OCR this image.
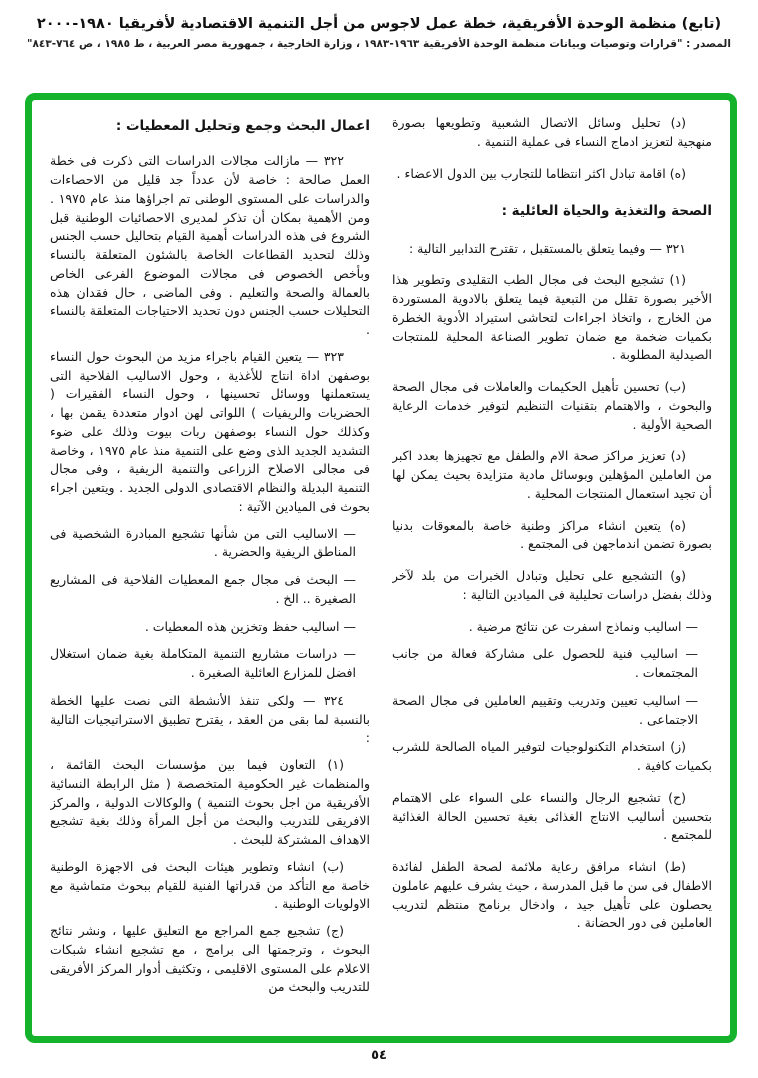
(تابع) منظمة الوحدة الأفريقية، خطة عمل لاجوس من أجل التنمية الاقتصادية لأفريقيا ١٩٨٠-٢٠٠٠
المصدر : "قرارات وتوصيات وبيانات منظمة الوحدة الأفريقية ١٩٦٣-١٩٨٣ ، وزارة الخارجية ، جمهورية مصر العربية ، ط ١٩٨٥ ، ص ٧٦٤-٨٤٣"
(د) تحليل وسائل الاتصال الشعبية وتطويعها بصورة منهجية لتعزيز ادماج النساء فى عملية التنمية .
(ه) اقامة تبادل اكثر انتظاما للتجارب بين الدول الاعضاء .
الصحة والتغذية والحياة العائلية :
٣٢١ — وفيما يتعلق بالمستقبل ، تقترح التدابير التالية :
(١) تشجيع البحث فى مجال الطب التقليدى وتطوير هذا الأخير بصورة تقلل من التبعية فيما يتعلق بالادوية المستوردة من الخارج ، واتخاذ اجراءات لتحاشى استيراد الأدوية الخطرة بكميات ضخمة مع ضمان تطوير الصناعة المحلية للمنتجات الصيدلية المطلوبة .
(ب) تحسين تأهيل الحكيمات والعاملات فى مجال الصحة والبحوث ، والاهتمام بتقنيات التنظيم لتوفير خدمات الرعاية الصحية الأولية .
(د) تعزيز مراكز صحة الام والطفل مع تجهيزها بعدد اكبر من العاملين المؤهلين وبوسائل مادية متزايدة بحيث يمكن لها أن تجيد استعمال المنتجات المحلية .
(ه) يتعين انشاء مراكز وطنية خاصة بالمعوقات بدنيا بصورة تضمن اندماجهن فى المجتمع .
(و) التشجيع على تحليل وتبادل الخبرات من بلد لآخر وذلك بفضل دراسات تحليلية فى الميادين التالية :
— اساليب ونماذج اسفرت عن نتائج مرضية .
— اساليب فنية للحصول على مشاركة فعالة من جانب المجتمعات .
— اساليب تعيين وتدريب وتقييم العاملين فى مجال الصحة الاجتماعى .
(ز) استخدام التكنولوجيات لتوفير المياه الصالحة للشرب بكميات كافية .
(ح) تشجيع الرجال والنساء على السواء على الاهتمام بتحسين أساليب الانتاج الغذائى بغية تحسين الحالة الغذائية للمجتمع .
(ط) انشاء مرافق رعاية ملائمة لصحة الطفل لفائدة الاطفال فى سن ما قبل المدرسة ، حيث يشرف عليهم عاملون يحصلون على تأهيل جيد ، وادخال برنامج منتظم لتدريب العاملين فى دور الحضانة .
اعمال البحث وجمع وتحليل المعطيات :
٣٢٢ — مازالت مجالات الدراسات التى ذكرت فى خطة العمل صالحة : خاصة لأن عدداً جد قليل من الاحصاءات والدراسات على المستوى الوطنى تم اجراؤها منذ عام ١٩٧٥ . ومن الأهمية بمكان أن تذكر لمديرى الاحصائيات الوطنية قبل الشروع فى هذه الدراسات أهمية القيام بتحاليل حسب الجنس وذلك لتحديد القطاعات الخاصة بالشئون المتعلقة بالنساء وبأخص الخصوص فى مجالات الموضوع الفرعى الخاص بالعمالة والصحة والتعليم . وفى الماضى ، حال فقدان هذه التحليلات حسب الجنس دون تحديد الاحتياجات المتعلقة بالنساء .
٣٢٣ — يتعين القيام باجراء مزيد من البحوث حول النساء بوصفهن اداة انتاج للأغذية ، وحول الاساليب الفلاحية التى يستعملنها ووسائل تحسينها ، وحول النساء الفقيرات ( الحضريات والريفيات ) اللواتى لهن ادوار متعددة يقمن بها ، وكذلك حول النساء بوصفهن ربات بيوت وذلك على ضوء التشديد الجديد الذى وضع على التنمية منذ عام ١٩٧٥ ، وخاصة فى مجالى الاصلاح الزراعى والتنمية الريفية ، وفى مجال التنمية البديلة والنظام الاقتصادى الدولى الجديد . ويتعين اجراء بحوث فى الميادين الآتية :
— الاساليب التى من شأنها تشجيع المبادرة الشخصية فى المناطق الريفية والحضرية .
— البحث فى مجال جمع المعطيات الفلاحية فى المشاريع الصغيرة .. الخ .
— اساليب حفظ وتخزين هذه المعطيات .
— دراسات مشاريع التنمية المتكاملة بغية ضمان استغلال افضل للمزارع العائلية الصغيرة .
٣٢٤ — ولكى تنفذ الأنشطة التى نصت عليها الخطة بالنسبة لما بقى من العقد ، يقترح تطبيق الاستراتيجيات التالية :
(١) التعاون فيما بين مؤسسات البحث القائمة ، والمنظمات غير الحكومية المتخصصة ( مثل الرابطة النسائية الأفريقية من اجل بحوث التنمية ) والوكالات الدولية ، والمركز الافريقى للتدريب والبحث من أجل المرأة وذلك بغية تشجيع الاهداف المشتركة للبحث .
(ب) انشاء وتطوير هيئات البحث فى الاجهزة الوطنية خاصة مع التأكد من قدراتها الفنية للقيام ببحوث متماشية مع الاولويات الوطنية .
(ج) تشجيع جمع المراجع مع التعليق عليها ، ونشر نتائج البحوث ، وترجمتها الى برامج ، مع تشجيع انشاء شبكات الاعلام على المستوى الاقليمى ، وتكثيف أدوار المركز الأفريقى للتدريب والبحث من
٥٤
